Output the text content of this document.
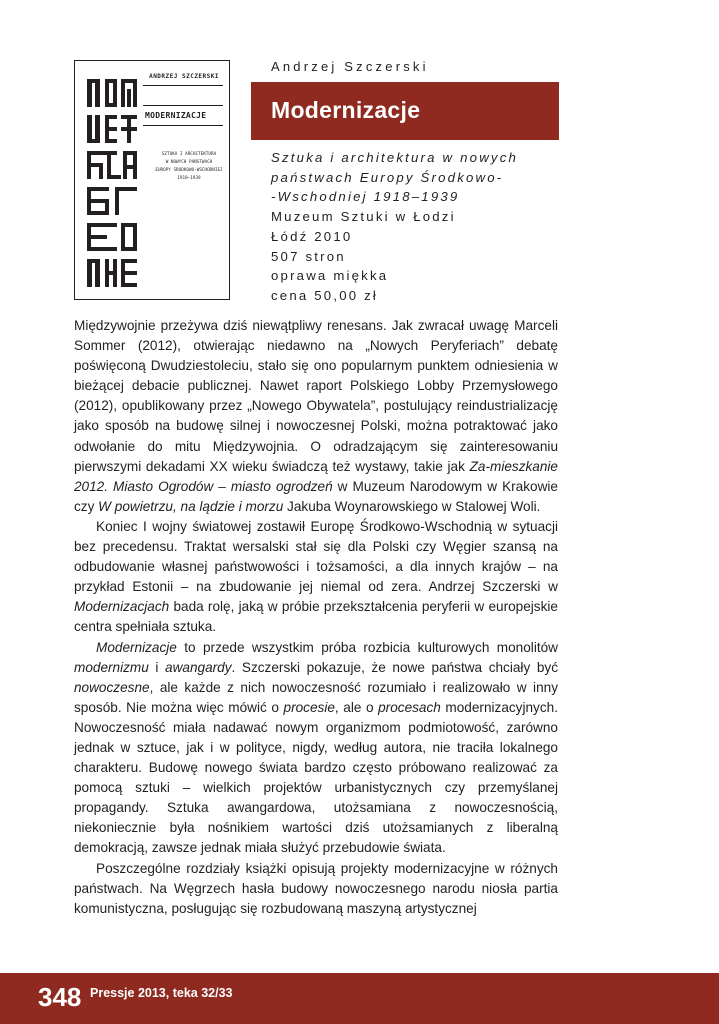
ANDRZEJ SZCZERSKI
MODERNIZACJE
SZTUKA I ARCHITEKTURA
W NOWYCH PAŃSTWACH
EUROPY ŚRODKOWO-WSCHODNIEJ
1918–1939
Andrzej Szczerski
Modernizacje
Sztuka i architektura w nowych
państwach Europy Środkowo-
-Wschodniej 1918–1939
Muzeum Sztuki w Łodzi
Łódź 2010
507 stron
oprawa miękka
cena 50,00 zł

Międzywojnie przeżywa dziś niewątpliwy renesans. Jak zwracał uwagę Marceli Sommer (2012), otwierając niedawno na „Nowych Peryferiach” debatę poświęconą Dwudziestoleciu, stało się ono popularnym punktem odniesienia w bieżącej debacie publicznej. Nawet raport Polskiego Lobby Przemysłowego (2012), opublikowany przez „Nowego Obywatela”, postulujący reindustrializację jako sposób na budowę silnej i nowoczesnej Polski, można potraktować jako odwołanie do mitu Międzywojnia. O odradzającym się zainteresowaniu pierwszymi dekadami XX wieku świadczą też wystawy, takie jak Za-mieszkanie 2012. Miasto Ogrodów – miasto ogrodzeń w Muzeum Narodowym w Krakowie czy W powietrzu, na lądzie i morzu Jakuba Woynarowskiego w Stalowej Woli.

Koniec I wojny światowej zostawił Europę Środkowo-Wschodnią w sytuacji bez precedensu. Traktat wersalski stał się dla Polski czy Węgier szansą na odbudowanie własnej państwowości i tożsamości, a dla innych krajów – na przykład Estonii – na zbudowanie jej niemal od zera. Andrzej Szczerski w Modernizacjach bada rolę, jaką w próbie przekształcenia peryferii w europejskie centra spełniała sztuka.

Modernizacje to przede wszystkim próba rozbicia kulturowych monolitów modernizmu i awangardy. Szczerski pokazuje, że nowe państwa chciały być nowoczesne, ale każde z nich nowoczesność rozumiało i realizowało w inny sposób. Nie można więc mówić o procesie, ale o procesach modernizacyjnych. Nowoczesność miała nadawać nowym organizmom podmiotowość, zarówno jednak w sztuce, jak i w polityce, nigdy, według autora, nie traciła lokalnego charakteru. Budowę nowego świata bardzo często próbowano realizować za pomocą sztuki – wielkich projektów urbanistycznych czy przemyślanej propagandy. Sztuka awangardowa, utożsamiana z nowoczesnością, niekoniecznie była nośnikiem wartości dziś utożsamianych z liberalną demokracją, zawsze jednak miała służyć przebudowie świata.

Poszczególne rozdziały książki opisują projekty modernizacyjne w różnych państwach. Na Węgrzech hasła budowy nowoczesnego narodu niosła partia komunistyczna, posługując się rozbudowaną maszyną artystycznej

348 Pressje 2013, teka 32/33
